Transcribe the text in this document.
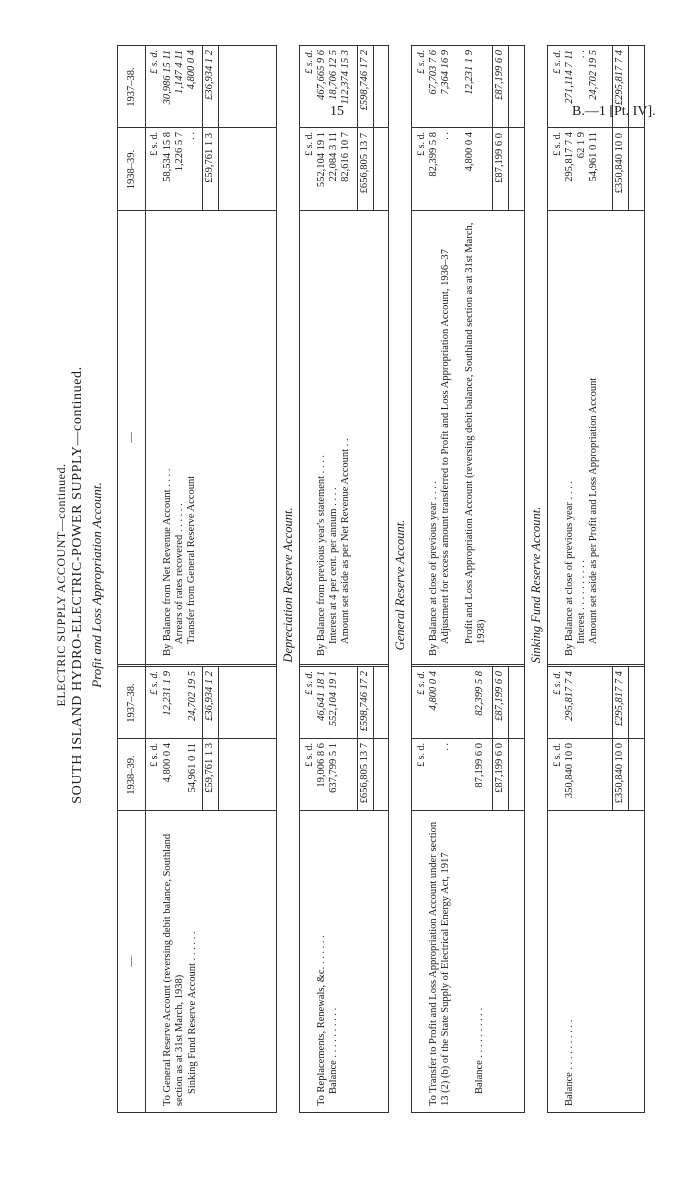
15	B.—1 [Pt. IV].
ELECTRIC SUPPLY ACCOUNT—continued. SOUTH ISLAND HYDRO-ELECTRIC-POWER SUPPLY—continued. Profit and Loss Appropriation Account.
—
1938–39.
1937–38.
—
1938–39.
1937–38.
£ s. d.
£ s. d.
£ s. d.
£ s. d.
To General Reserve Account (reversing debit balance, Southland section as at 31st March, 1938)
4,800 0 4
12,231 1 9
Sinking Fund Reserve Account . . . . . .
54,961 0 11
24,702 19 5
£59,761 1 3
£36,934 1 2
By Balance from Net Revenue Account . . . .
58,534 15 8
30,986 15 11
Arrears of rates recovered . . . . . .
1,226 5 7
1,147 4 11
Transfer from General Reserve Account
. .
4,800 0 4
£59,761 1 3
£36,934 1 2
Depreciation Reserve Account.
£ s. d.
£ s. d.
£ s. d.
£ s. d.
To Replacements, Renewals, &c. . . . . . .
19,006 8 6
46,641 18 1
Balance . . . . . . . . . .
637,799 5 1
552,104 19 1
£656,805 13 7
£598,746 17 2
By Balance from previous year's statement . . . .
552,104 19 1
467,665 9 6
Interest at 4 per cent. per annum . . . .
22,084 3 11
18,706 12 5
Amount set aside as per Net Revenue Account . .
82,616 10 7
112,374 15 3
£656,805 13 7
£598,746 17 2
General Reserve Account.
£ s. d.
£ s. d.
£ s. d.
£ s. d.
To Transfer to Profit and Loss Appropriation Account under section 13 (2) (b) of the State Supply of Electrical Energy Act, 1917
. .
4,800 0 4
Balance . . . . . . . . . .
87,199 6 0
82,399 5 8
£87,199 6 0
£87,199 6 0
By Balance at close of previous year . . . .
82,399 5 8
67,703 7 6
Adjustment for excess amount transferred to Profit and Loss Appropriation Account, 1936–37
. .
7,364 16 9
Profit and Loss Appropriation Account (reversing debit balance, Southland section as at 31st March, 1938)
4,800 0 4
12,231 1 9
£87,199 6 0
£87,199 6 0
Sinking Fund Reserve Account.
£ s. d.
£ s. d.
£ s. d.
£ s. d.
Balance . . . . . . . . . .
350,840 10 0
295,817 7 4
£350,840 10 0
£295,817 7 4
By Balance at close of previous year . . . .
295,817 7 4
271,114 7 11
Interest . . . . . . . . . .
62 1 9
. .
Amount set aside as per Profit and Loss Appropriation Account
54,961 0 11
24,702 19 5
£350,840 10 0
£295,817 7 4
